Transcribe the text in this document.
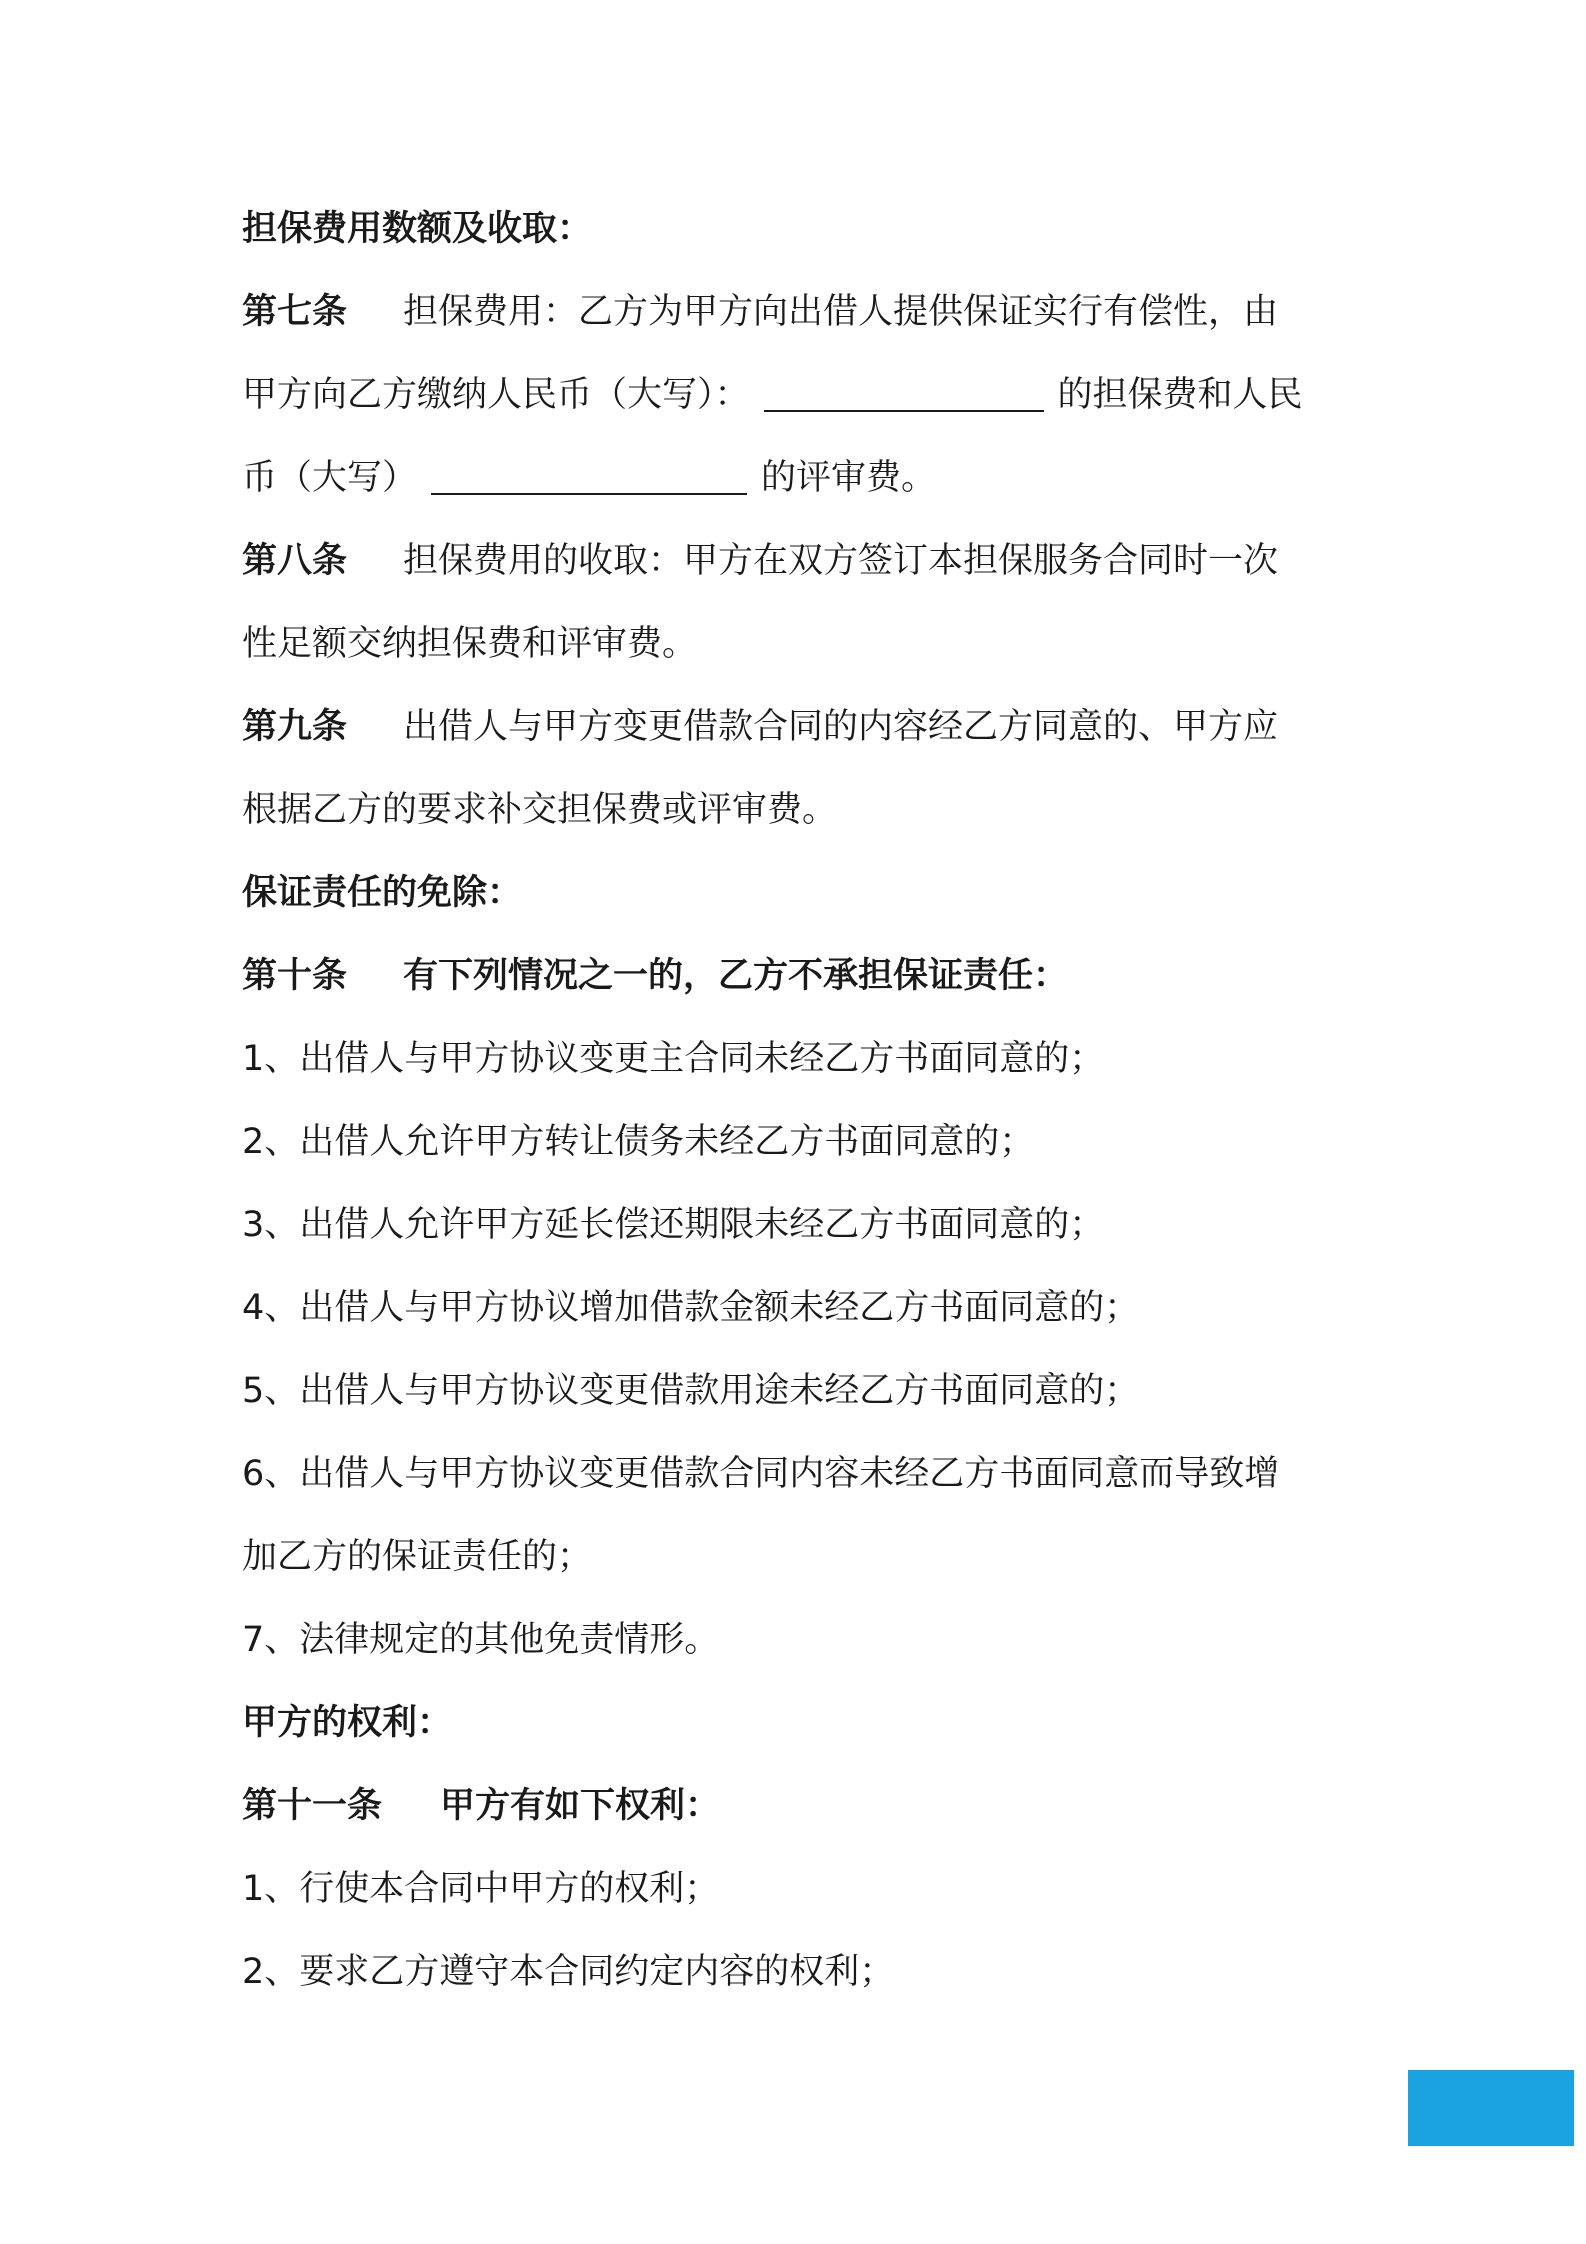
担保费用数额及收取：
第七条 担保费用：乙方为甲方向出借人提供保证实行有偿性，由
甲方向乙方缴纳人民币（大写）：	的担保费和人民
币（大写）	的评审费。
第八条 担保费用的收取：甲方在双方签订本担保服务合同时一次
性足额交纳担保费和评审费。
第九条 出借人与甲方变更借款合同的内容经乙方同意的、甲方应
根据乙方的要求补交担保费或评审费。
保证责任的免除：
第十条 有下列情况之一的，乙方不承担保证责任：
1、出借人与甲方协议变更主合同未经乙方书面同意的；
2、出借人允许甲方转让债务未经乙方书面同意的；
3、出借人允许甲方延长偿还期限未经乙方书面同意的；
4、出借人与甲方协议增加借款金额未经乙方书面同意的；
5、出借人与甲方协议变更借款用途未经乙方书面同意的；
6、出借人与甲方协议变更借款合同内容未经乙方书面同意而导致增
加乙方的保证责任的；
7、法律规定的其他免责情形。
甲方的权利：
第十一条 甲方有如下权利：
1、行使本合同中甲方的权利；
2、要求乙方遵守本合同约定内容的权利；
